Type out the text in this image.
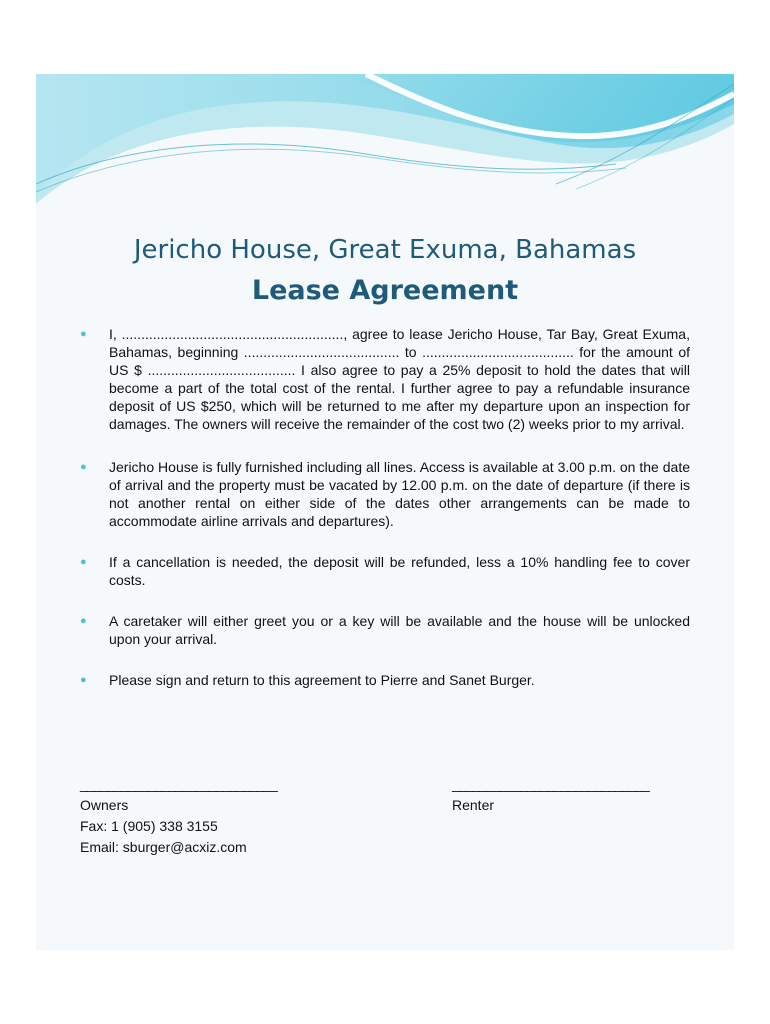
Jericho House, Great Exuma, Bahamas
Lease Agreement
● I, ........................................................., agree to lease Jericho House, Tar Bay, Great Exuma, Bahamas, beginning ........................................ to ....................................... for the amount of US $ ...................................... I also agree to pay a 25% deposit to hold the dates that will become a part of the total cost of the rental. I further agree to pay a refundable insurance deposit of US $250, which will be returned to me after my departure upon an inspection for damages. The owners will receive the remainder of the cost two (2) weeks prior to my arrival.
● Jericho House is fully furnished including all lines. Access is available at 3.00 p.m. on the date of arrival and the property must be vacated by 12.00 p.m. on the date of departure (if there is not another rental on either side of the dates other arrangements can be made to accommodate airline arrivals and departures).
● If a cancellation is needed, the deposit will be refunded, less a 10% handling fee to cover costs.
● A caretaker will either greet you or a key will be available and the house will be unlocked upon your arrival.
● Please sign and return to this agreement to Pierre and Sanet Burger.
_____________________________
Owners
Fax: 1 (905) 338 3155
Email: sburger@acxiz.com
_____________________________
Renter
